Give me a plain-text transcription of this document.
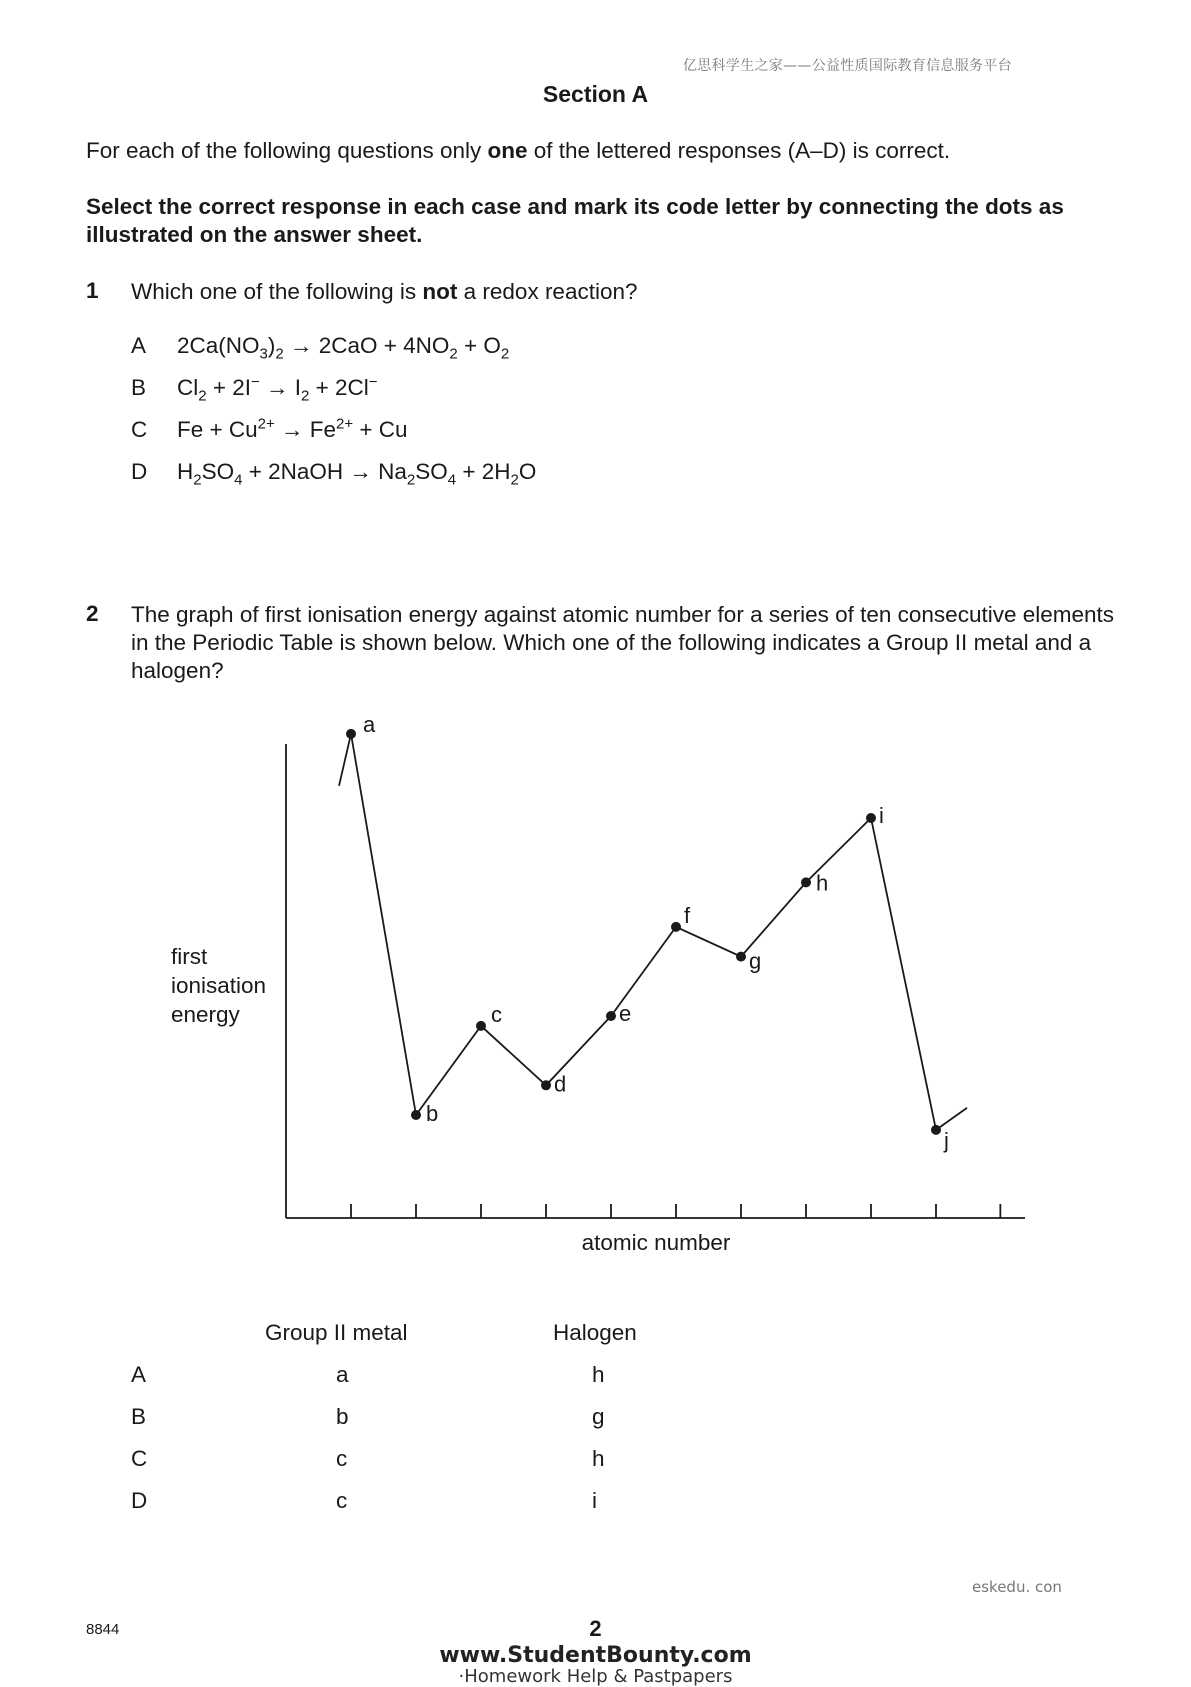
亿思科学生之家——公益性质国际教育信息服务平台
Section A
For each of the following questions only one of the lettered responses (A–D) is correct.
Select the correct response in each case and mark its code letter by connecting the dots as illustrated on the answer sheet.
1 Which one of the following is not a redox reaction?
A $2Ca(NO_3)_2 \to 2CaO + 4NO_2 + O_2$
B $Cl_2 + 2I^- \to I_2 + 2Cl^-$
C $Fe + Cu^{2+} \to Fe^{2+} + Cu$
D $H_2SO_4$ + 2NaOH → $Na_2SO_4 + 2H_2O$
2 The graph of first ionisation energy against atomic number for a series of ten consecutive elements in the Periodic Table is shown below. Which one of the following indicates a Group II metal and a halogen?
a
b
c
d
e
f
g
h
i
j
atomic number
first
ionisation
energy
Group II metal	Halogen
A	a	h
B	b	g
C	c	h
D	c	i
eskedu. con
8844	2
www.StudentBounty.com
·Homework Help & Pastpapers
